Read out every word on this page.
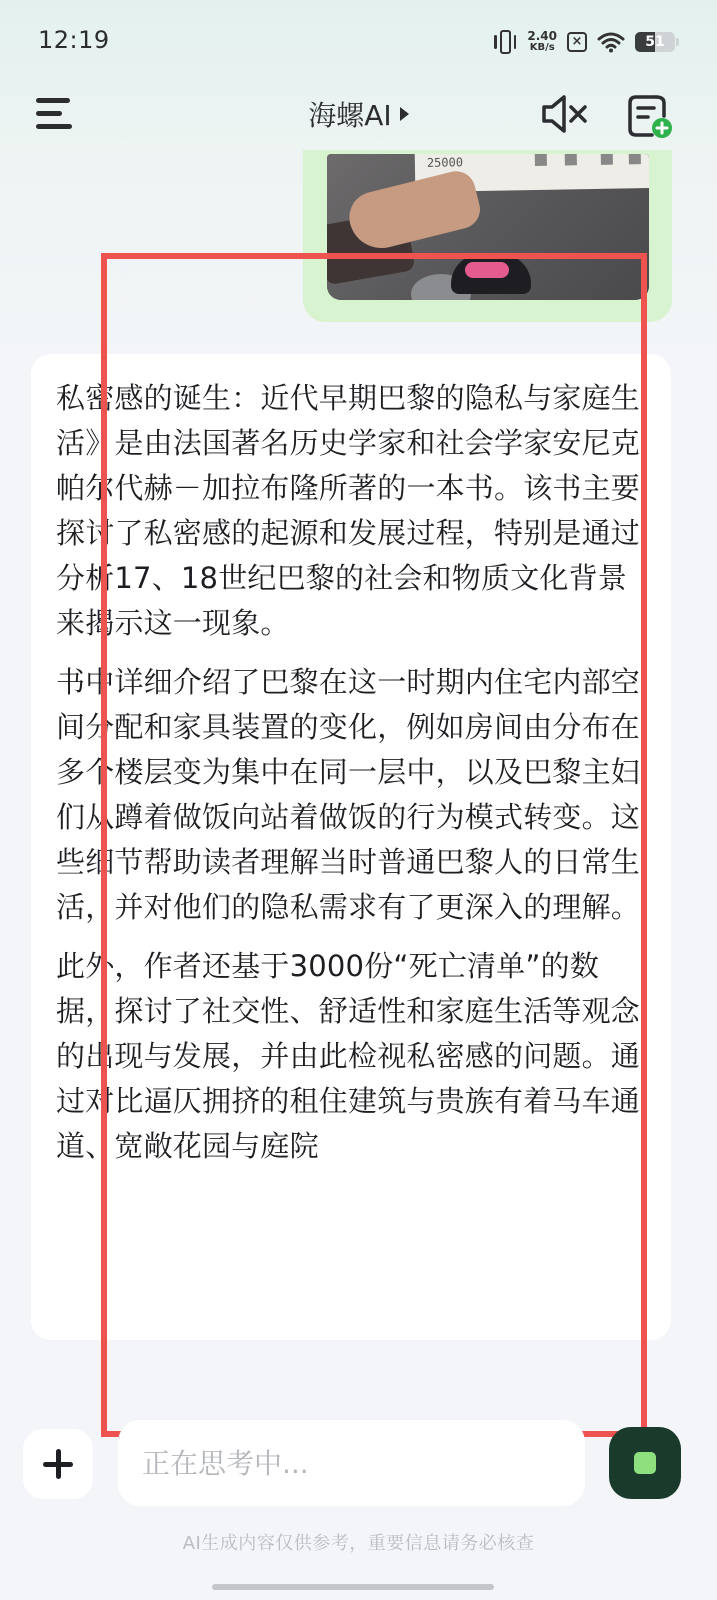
12:19	2.40
KB/s	×	51
海螺AI
25000

私密感的诞生：近代早期巴黎的隐私与家庭生活》是由法国著名历史学家和社会学家安尼克·帕尔代赫－加拉布隆所著的一本书。该书主要探讨了私密感的起源和发展过程，特别是通过分析17、18世纪巴黎的社会和物质文化背景来揭示这一现象。

书中详细介绍了巴黎在这一时期内住宅内部空间分配和家具装置的变化，例如房间由分布在多个楼层变为集中在同一层中，以及巴黎主妇们从蹲着做饭向站着做饭的行为模式转变。这些细节帮助读者理解当时普通巴黎人的日常生活，并对他们的隐私需求有了更深入的理解。

此外，作者还基于3000份“死亡清单”的数据，探讨了社交性、舒适性和家庭生活等观念的出现与发展，并由此检视私密感的问题。通过对比逼仄拥挤的租住建筑与贵族有着马车通道、宽敞花园与庭院

正在思考中...
AI生成内容仅供参考，重要信息请务必核查
